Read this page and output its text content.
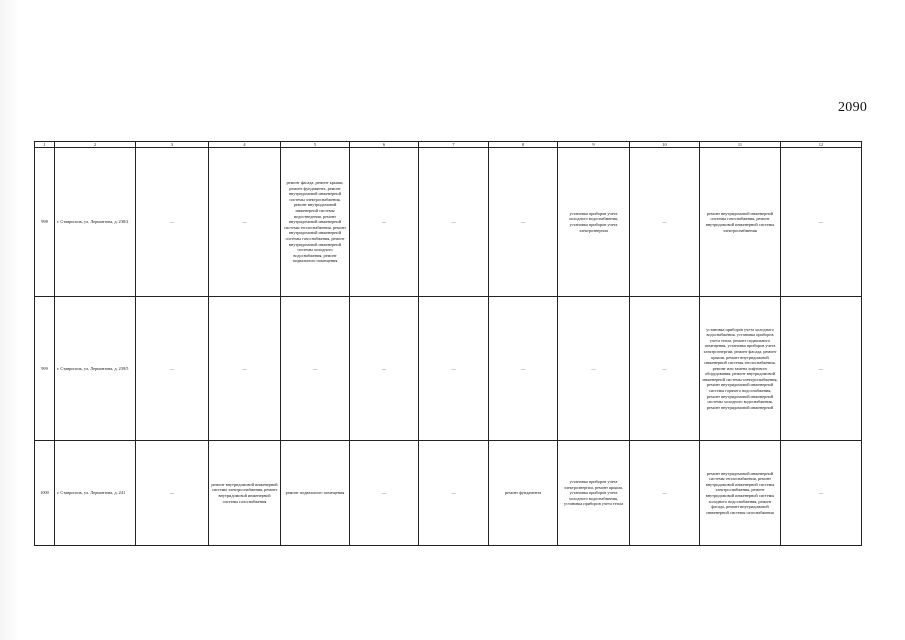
2090
1	2	3	4	5	6	7	8	9	10	11	12
998	г. Ставрополь, ул. Лермонтова, д. 238/2	—	—	ремонт фасада, ремонт крыши, ремонт фундамента, ремонт внутридомовой инженерной системы электроснабжения, ремонт внутридомовой инженерной системы водоотведения, ремонт внутридомовой инженерной системы теплоснабжения, ремонт внутридомовой инженерной системы газоснабжения, ремонт внутридомовой инженерной системы холодного водоснабжения, ремонт подвального помещения	—	—	—	установка приборов учета холодного водоснабжения, установка приборов учета электроэнергии	—	ремонт внутридомовой инженерной системы газоснабжения, ремонт внутридомовой инженерной системы электроснабжения	—
999	г. Ставрополь, ул. Лермонтова, д. 239/5	—	—	—	—	—	—	—	—	установка приборов учета холодного водоснабжения, установка приборов учета тепла, ремонт подвального помещения, установка приборов учета электроэнергии, ремонт фасада, ремонт крыши, ремонт внутридомовой инженерной системы теплоснабжения, ремонт или замена лифтового оборудования, ремонт внутридомовой инженерной системы электроснабжения, ремонт внутридомовой инженерной системы горячего водоснабжения, ремонт внутридомовой инженерной системы холодного водоснабжения, ремонт внутридомовой инженерной	—
1000	г. Ставрополь, ул. Лермонтова, д. 241	—	ремонт внутридомовой инженерной системы электроснабжения, ремонт внутридомовой инженерной системы газоснабжения	ремонт подвального помещения	—	—	ремонт фундамента	установка приборов учета электроэнергии, ремонт крыши, установка приборов учета холодного водоснабжения, установка приборов учета тепла	—	ремонт внутридомовой инженерной системы теплоснабжения, ремонт внутридомовой инженерной системы электроснабжения, ремонт внутридомовой инженерной системы холодного водоснабжения, ремонт фасада, ремонт внутридомовой инженерной системы газоснабжения	—
